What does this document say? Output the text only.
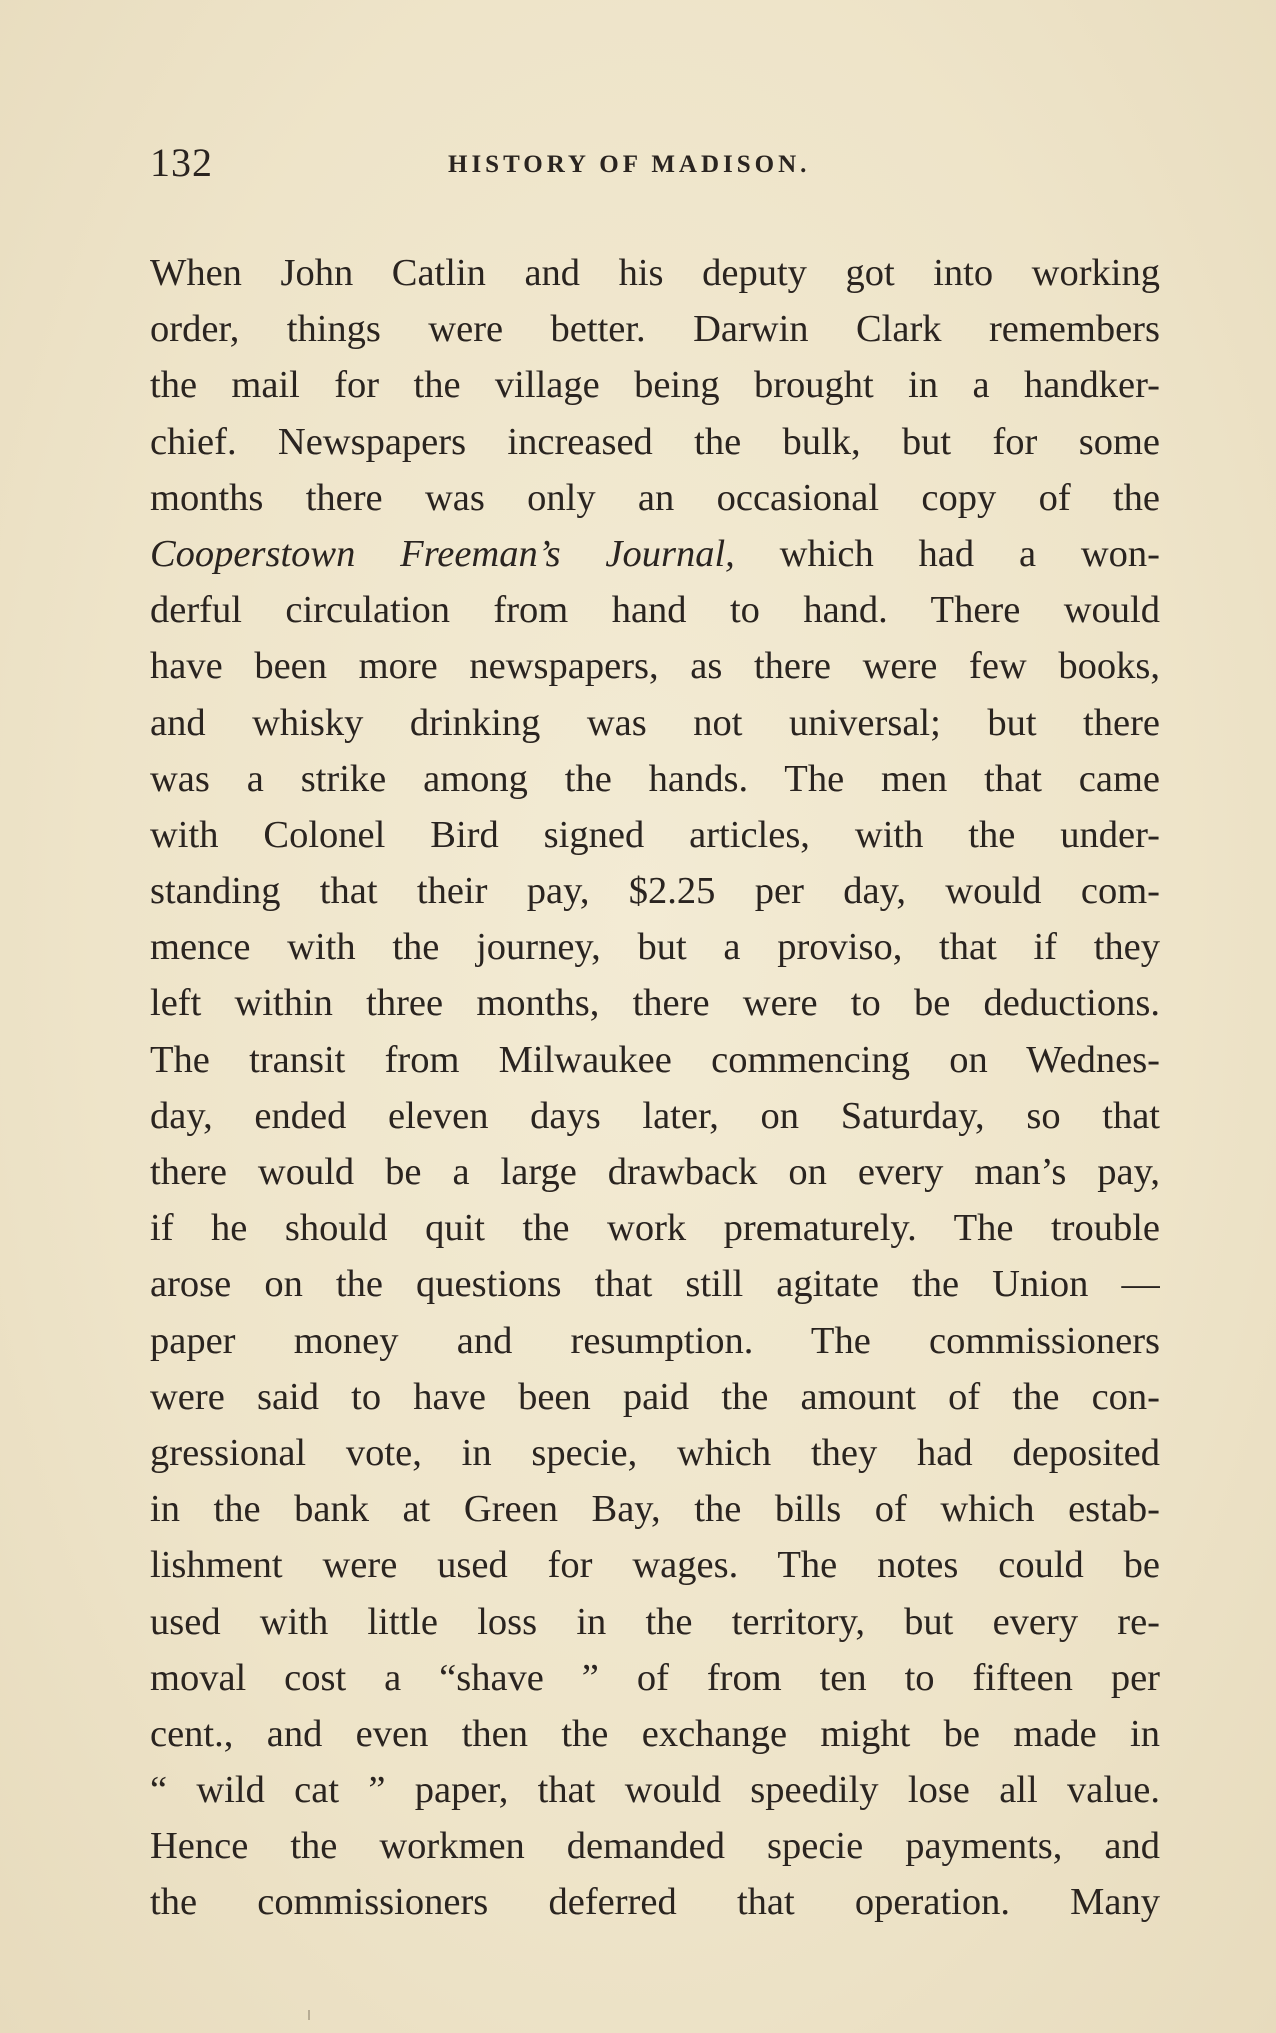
132	HISTORY OF MADISON.
When John Catlin and his deputy got into working
order, things were better. Darwin Clark remembers
the mail for the village being brought in a handker-
chief. Newspapers increased the bulk, but for some
months there was only an occasional copy of the
Cooperstown Freeman’s Journal, which had a won-
derful circulation from hand to hand. There would
have been more newspapers, as there were few books,
and whisky drinking was not universal; but there
was a strike among the hands. The men that came
with Colonel Bird signed articles, with the under-
standing that their pay, $2.25 per day, would com-
mence with the journey, but a proviso, that if they
left within three months, there were to be deductions.
The transit from Milwaukee commencing on Wednes-
day, ended eleven days later, on Saturday, so that
there would be a large drawback on every man’s pay,
if he should quit the work prematurely. The trouble
arose on the questions that still agitate the Union —
paper money and resumption. The commissioners
were said to have been paid the amount of the con-
gressional vote, in specie, which they had deposited
in the bank at Green Bay, the bills of which estab-
lishment were used for wages. The notes could be
used with little loss in the territory, but every re-
moval cost a “shave ” of from ten to fifteen per
cent., and even then the exchange might be made in
“ wild cat ” paper, that would speedily lose all value.
Hence the workmen demanded specie payments, and
the commissioners deferred that operation. Many
